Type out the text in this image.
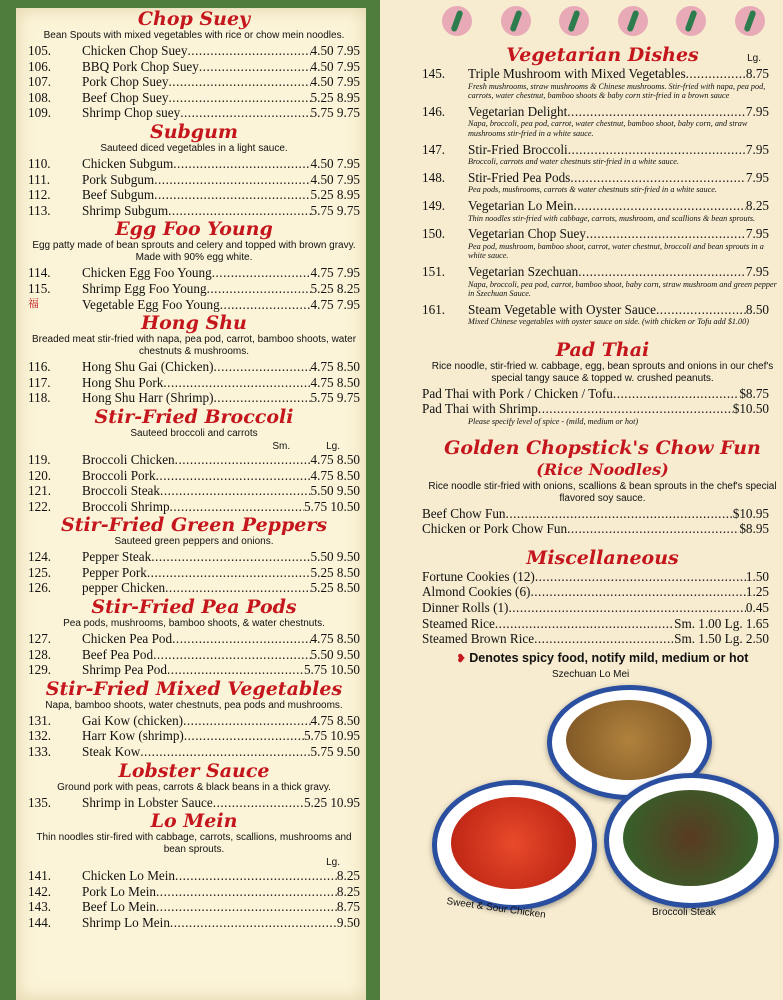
Chop Suey
Bean Spouts with mixed vegetables with rice or chow mein noodles.
105.	Chicken Chop Suey .....	4.50 7.95
106.	BBQ Pork Chop Suey .....	4.50 7.95
107.	Pork Chop Suey .....	4.50 7.95
108.	Beef Chop Suey .....	5.25 8.95
109.	Shrimp Chop suey .....	5.75 9.75
Subgum
Sauteed diced vegetables in a light sauce.
110.	Chicken Subgum .....	4.50 7.95
111.	Pork Subgum .....	4.50 7.95
112.	Beef Subgum .....	5.25 8.95
113.	Shrimp Subgum .....	5.75 9.75
Egg Foo Young
Egg patty made of bean sprouts and celery and topped with brown gravy. Made with 90% egg white.
114.	Chicken Egg Foo Young .....	4.75 7.95
115.	Shrimp Egg Foo Young .....	5.25 8.25
福	Vegetable Egg Foo Young .....	4.75 7.95
Hong Shu
Breaded meat stir-fried with napa, pea pod, carrot, bamboo shoots, water chestnuts & mushrooms.
116.	Hong Shu Gai (Chicken) .....	4.75 8.50
117.	Hong Shu Pork .....	4.75 8.50
118.	Hong Shu Harr (Shrimp) .....	5.75 9.75
Stir-Fried Broccoli
Sauteed broccoli and carrots
Sm.	Lg.
119.	Broccoli Chicken .....	4.75 8.50
120.	Broccoli Pork .....	4.75 8.50
121.	Broccoli Steak .....	5.50 9.50
122.	Broccoli Shrimp .....	5.75 10.50
Stir-Fried Green Peppers
Sauteed green peppers and onions.
124.	Pepper Steak .....	5.50 9.50
125.	Pepper Pork .....	5.25 8.50
126.	pepper Chicken .....	5.25 8.50
Stir-Fried Pea Pods
Pea pods, mushrooms, bamboo shoots, & water chestnuts.
127.	Chicken Pea Pod .....	4.75 8.50
128.	Beef Pea Pod .....	5.50 9.50
129.	Shrimp Pea Pod .....	5.75 10.50
Stir-Fried Mixed Vegetables
Napa, bamboo shoots, water chestnuts, pea pods and mushrooms.
131.	Gai Kow (chicken) .....	4.75 8.50
132.	Harr Kow (shrimp) .....	5.75 10.95
133.	Steak Kow .....	5.75 9.50
Lobster Sauce
Ground pork with peas, carrots & black beans in a thick gravy.
135.	Shrimp in Lobster Sauce .....	5.25 10.95
Lo Mein
Thin noodles stir-fired with cabbage, carrots, scallions, mushrooms and bean sprouts.
Lg.
141.	Chicken Lo Mein .....	8.25
142.	Pork Lo Mein .....	8.25
143.	Beef Lo Mein .....	8.75
144.	Shrimp Lo Mein .....	9.50
Vegetarian Dishes	Lg.
145.	Triple Mushroom with Mixed Vegetables .....	8.75
Fresh mushrooms, straw mushrooms & Chinese mushrooms. Stir-fried with napa, pea pod, carrots, water chestnut, bamboo shoots & baby corn stir-fried in a brown sauce
146.	Vegetarian Delight .....	7.95
Napa, broccoli, pea pod, carrot, water chestnut, bamboo shoot, baby corn, and straw mushrooms stir-fried in a white sauce.
147.	Stir-Fried Broccoli .....	7.95
Broccoli, carrots and water chestnuts stir-fried in a white sauce.
148.	Stir-Fried Pea Pods .....	7.95
Pea pods, mushrooms, carrots & water chestnuts stir-fried in a white sauce.
149.	Vegetarian Lo Mein .....	8.25
Thin noodles stir-fried with cabbage, carrots, mushroom, and scallions & bean sprouts.
150.	Vegetarian Chop Suey .....	7.95
Pea pod, mushroom, bamboo shoot, carrot, water chestnut, broccoli and bean sprouts in a white sauce.
151.	Vegetarian Szechuan .....	7.95
Napa, broccoli, pea pod, carrot, bamboo shoot, baby corn, straw mushroom and green pepper in Szechuan Sauce.
161.	Steam Vegetable with Oyster Sauce .....	8.50
Mixed Chinese vegetables with oyster sauce on side. (with chicken or Tofu add $1.00)
Pad Thai
Rice noodle, stir-fried w. cabbage, egg, bean sprouts and onions in our chef's special tangy sauce & topped w. crushed peanuts.
Pad Thai with Pork / Chicken / Tofu .....	$8.75
Pad Thai with Shrimp .....	$10.50
Please specify level of spice - (mild, medium or hot)
Golden Chopstick's Chow Fun
(Rice Noodles)
Rice noodle stir-fried with onions, scallions & bean sprouts in the chef's special flavored soy sauce.
Beef Chow Fun .....	$10.95
Chicken or Pork Chow Fun .....	$8.95
Miscellaneous
Fortune Cookies (12) .....	1.50
Almond Cookies (6) .....	1.25
Dinner Rolls (1) .....	0.45
Steamed Rice .....	Sm. 1.00 Lg. 1.65
Steamed Brown Rice .....	Sm. 1.50 Lg. 2.50
❥ Denotes spicy food, notify mild, medium or hot
Szechuan Lo Mei
Sweet & Sour Chicken	Broccoli Steak
